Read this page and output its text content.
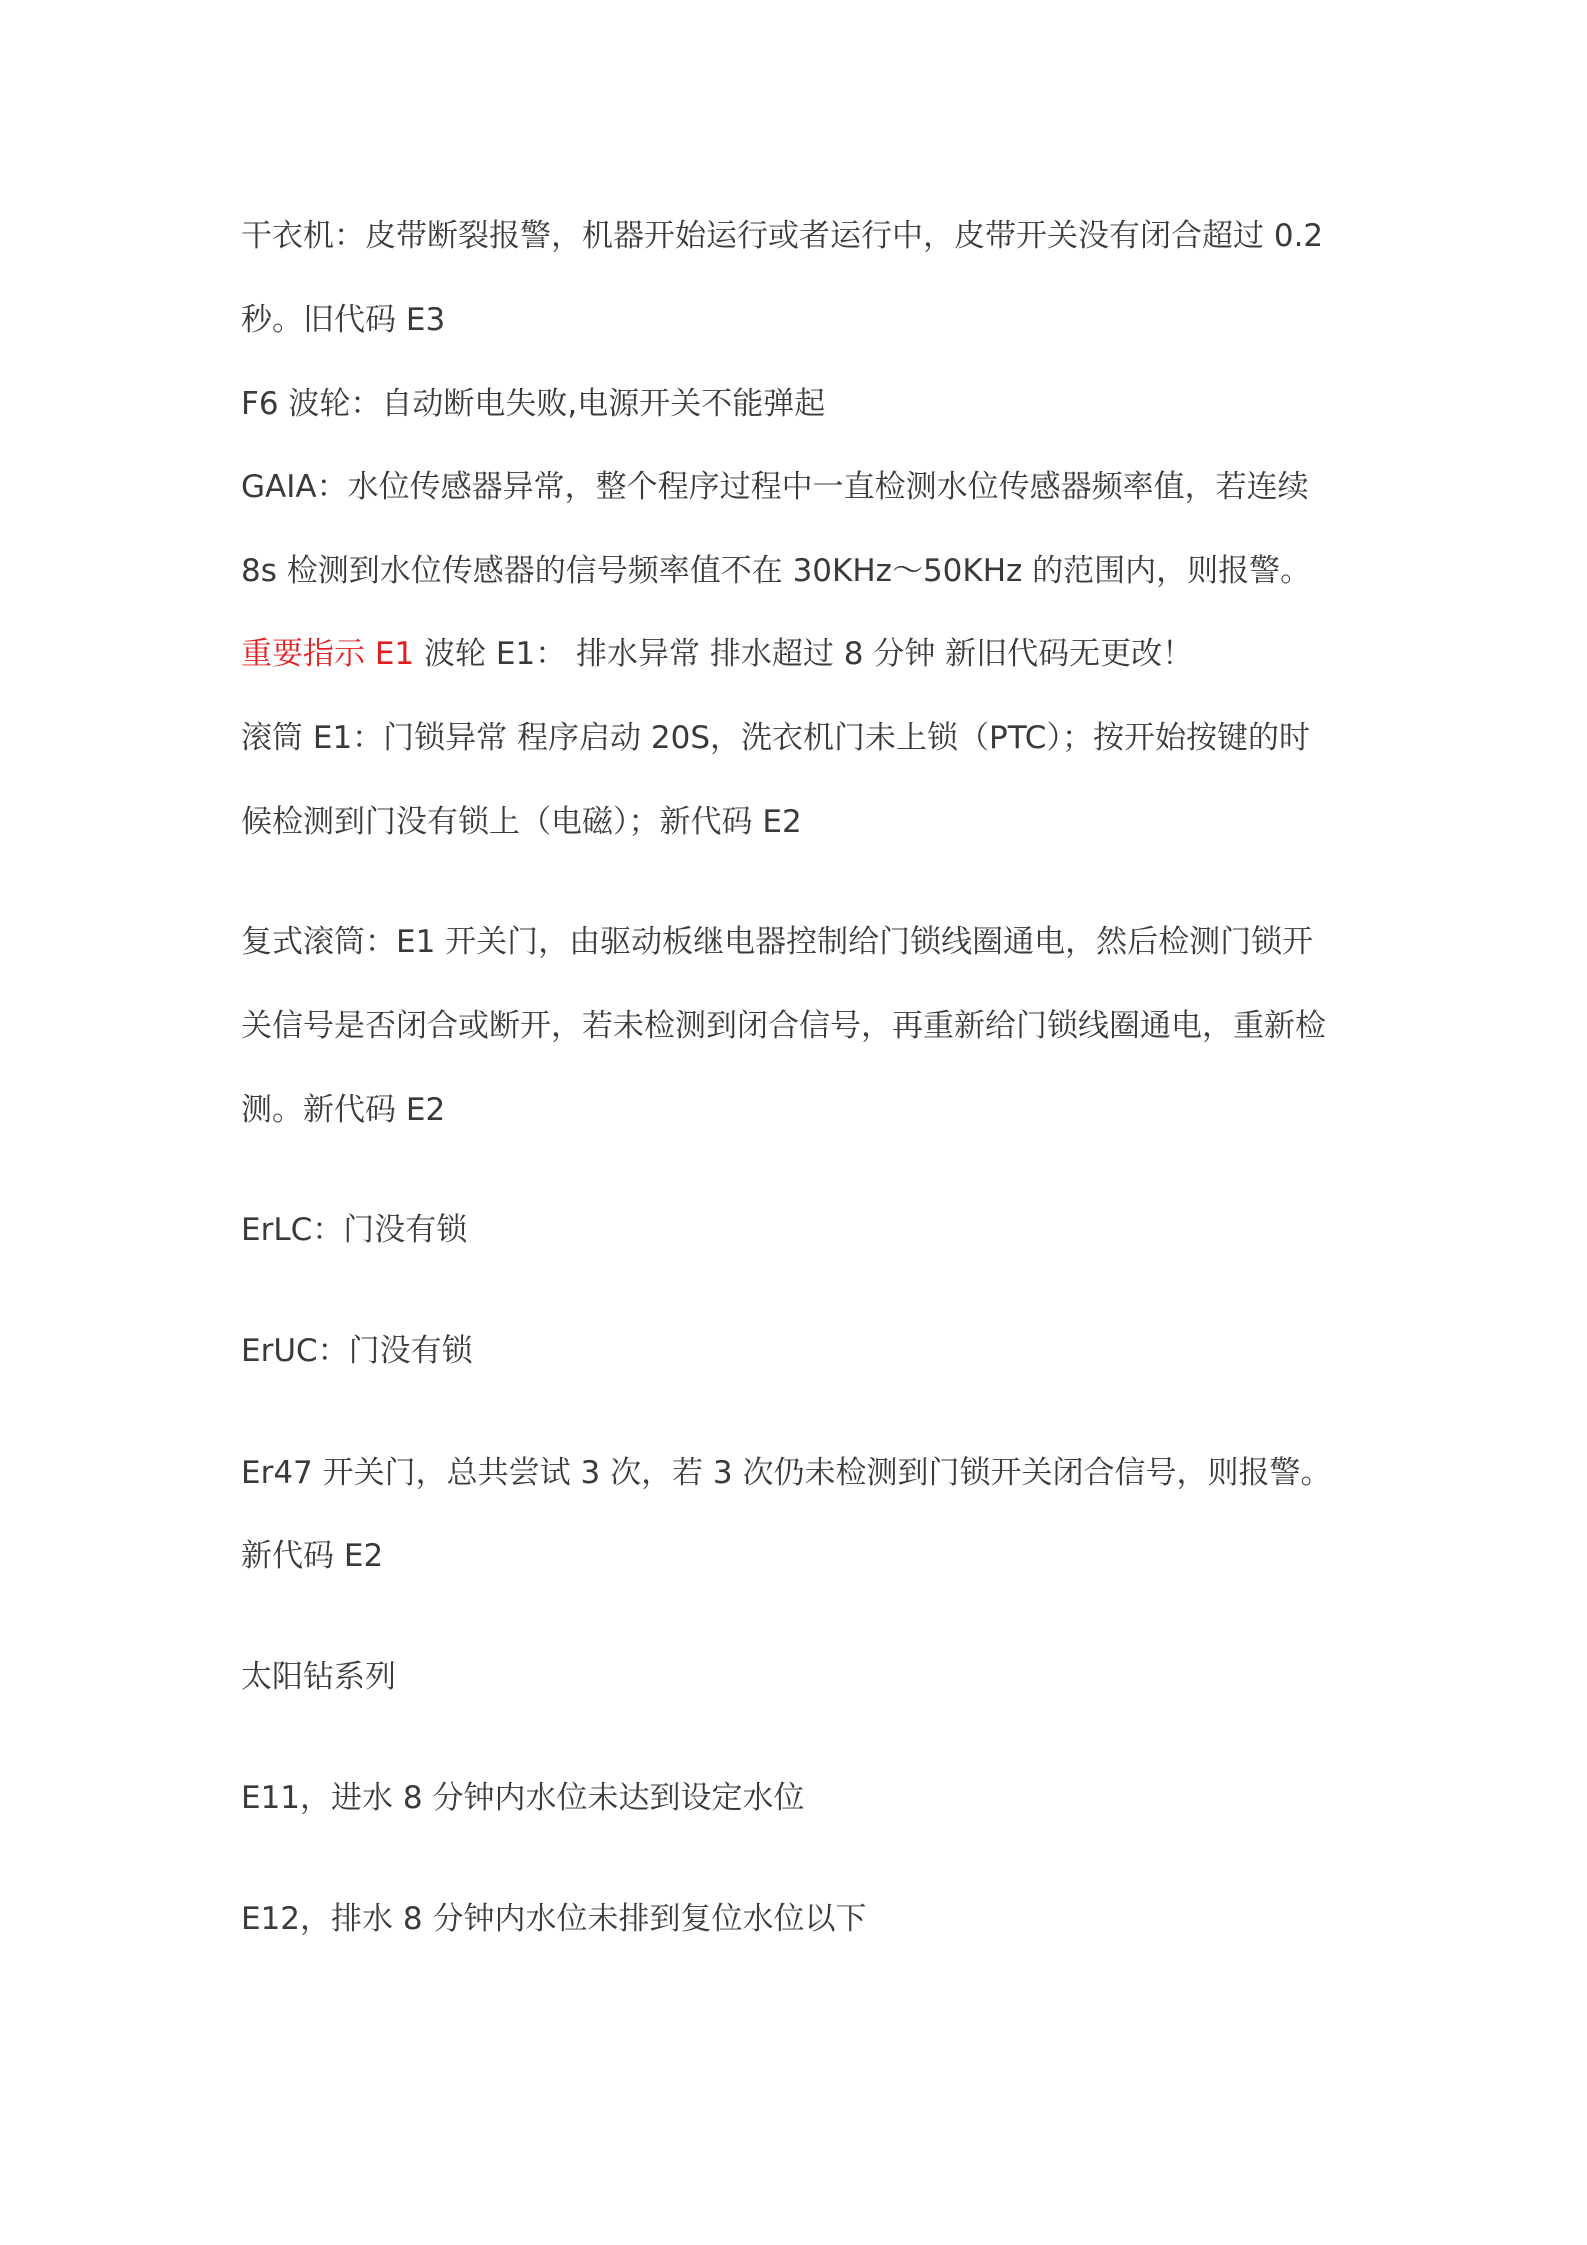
干衣机：皮带断裂报警，机器开始运行或者运行中，皮带开关没有闭合超过 0.2
秒。旧代码 E3
F6 波轮：自动断电失败,电源开关不能弹起
GAIA：水位传感器异常，整个程序过程中一直检测水位传感器频率值，若连续
8s 检测到水位传感器的信号频率值不在 30KHz～50KHz 的范围内，则报警。
重要指示 E1 波轮 E1： 排水异常 排水超过 8 分钟 新旧代码无更改！
滚筒 E1：门锁异常 程序启动 20S，洗衣机门未上锁（PTC）；按开始按键的时
候检测到门没有锁上（电磁）；新代码 E2
复式滚筒：E1 开关门，由驱动板继电器控制给门锁线圈通电，然后检测门锁开
关信号是否闭合或断开，若未检测到闭合信号，再重新给门锁线圈通电，重新检
测。新代码 E2
ErLC：门没有锁
ErUC：门没有锁
Er47 开关门，总共尝试 3 次，若 3 次仍未检测到门锁开关闭合信号，则报警。
新代码 E2
太阳钻系列
E11，进水 8 分钟内水位未达到设定水位
E12，排水 8 分钟内水位未排到复位水位以下
